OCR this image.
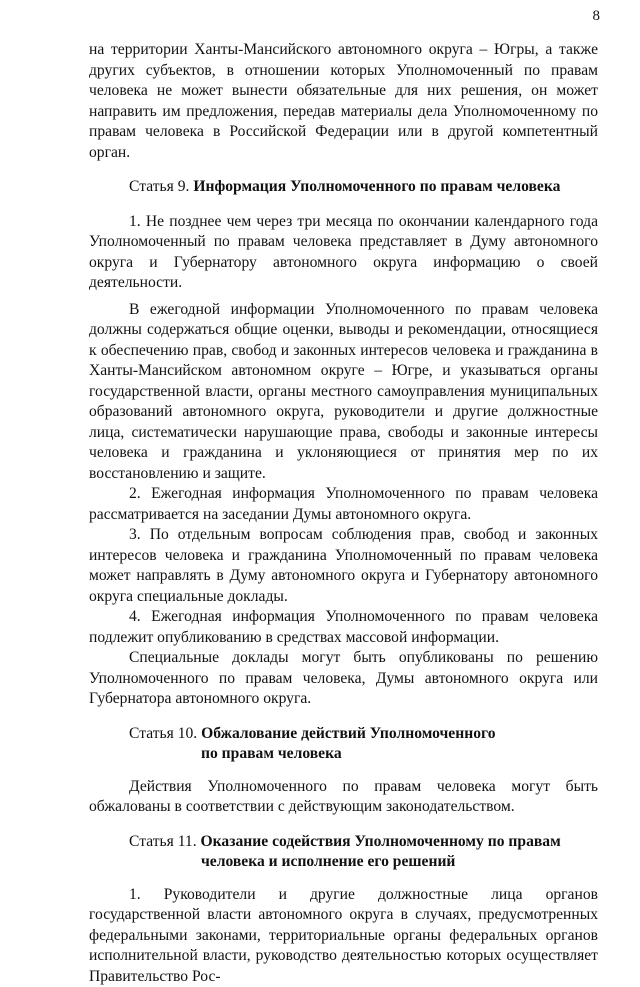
8

на территории Ханты-Мансийского автономного округа – Югры, а также других субъектов, в отношении которых Уполномоченный по правам человека не может вынести обязательные для них решения, он может направить им предложения, передав материалы дела Уполномоченному по правам человека в Российской Федерации или в другой компетентный орган.

Статья 9. Информация Уполномоченного по правам человека

1. Не позднее чем через три месяца по окончании календарного года Уполномоченный по правам человека представляет в Думу автономного округа и Губернатору автономного округа информацию о своей деятельности.

В ежегодной информации Уполномоченного по правам человека должны содержаться общие оценки, выводы и рекомендации, относящиеся к обеспечению прав, свобод и законных интересов человека и гражданина в Ханты-Мансийском автономном округе – Югре, и указываться органы государственной власти, органы местного самоуправления муниципальных образований автономного округа, руководители и другие должностные лица, систематически нарушающие права, свободы и законные интересы человека и гражданина и уклоняющиеся от принятия мер по их восстановлению и защите.

2. Ежегодная информация Уполномоченного по правам человека рассматривается на заседании Думы автономного округа.

3. По отдельным вопросам соблюдения прав, свобод и законных интересов человека и гражданина Уполномоченный по правам человека может направлять в Думу автономного округа и Губернатору автономного округа специальные доклады.

4. Ежегодная информация Уполномоченного по правам человека подлежит опубликованию в средствах массовой информации.

Специальные доклады могут быть опубликованы по решению Уполномоченного по правам человека, Думы автономного округа или Губернатора автономного округа.

Статья 10. Обжалование действий Уполномоченного
по правам человека

Действия Уполномоченного по правам человека могут быть обжалованы в соответствии с действующим законодательством.

Статья 11. Оказание содействия Уполномоченному по правам
человека и исполнение его решений

1. Руководители и другие должностные лица органов государственной власти автономного округа в случаях, предусмотренных федеральными законами, территориальные органы федеральных органов исполнительной власти, руководство деятельностью которых осуществляет Правительство Рос-
